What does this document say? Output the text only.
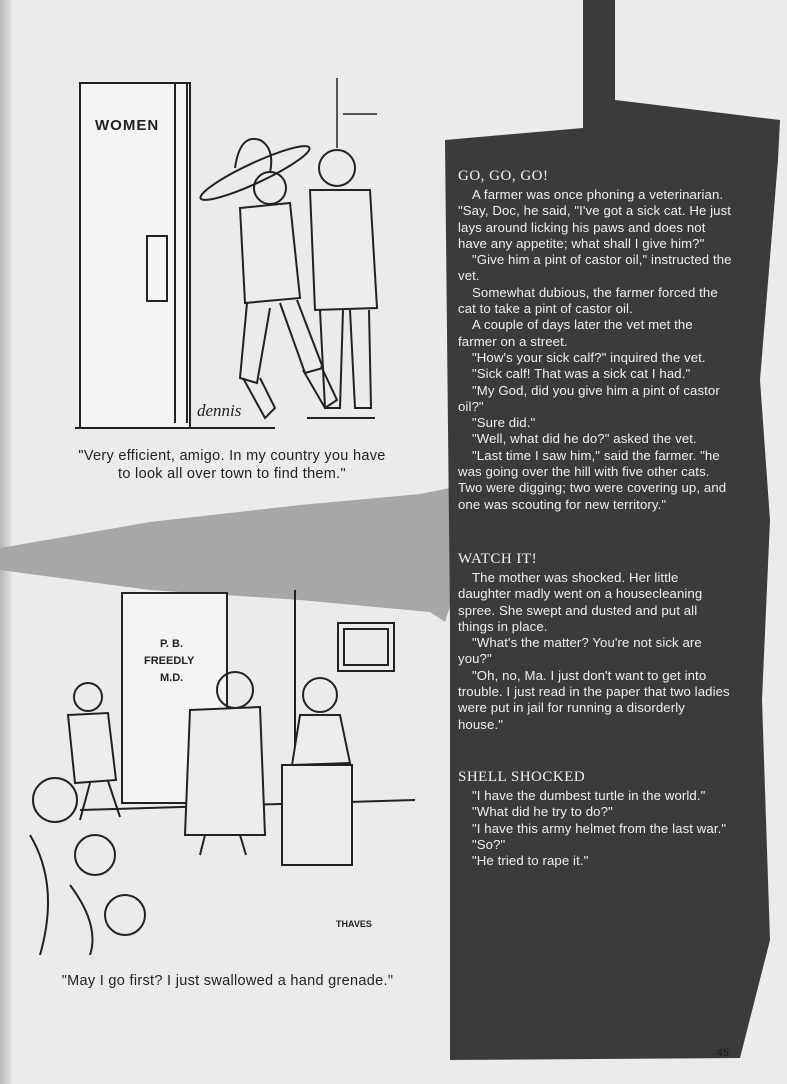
WOMEN
dennis
"Very efficient, amigo. In my country you have
to look all over town to find them."
P. B.
FREEDLY
M.D.
THAVES
"May I go first? I just swallowed a hand grenade."
GO, GO, GO!

A farmer was once phoning a veterinarian. "Say, Doc, he said, "I've got a sick cat. He just lays around licking his paws and does not have any appetite; what shall I give him?"

"Give him a pint of castor oil," instructed the vet.

Somewhat dubious, the farmer forced the cat to take a pint of castor oil.

A couple of days later the vet met the farmer on a street.

"How's your sick calf?" inquired the vet.

"Sick calf! That was a sick cat I had."

"My God, did you give him a pint of castor oil?"

"Sure did."

"Well, what did he do?" asked the vet.

"Last time I saw him," said the farmer. "he was going over the hill with five other cats. Two were digging; two were covering up, and one was scouting for new territory."

WATCH IT!

The mother was shocked. Her little daughter madly went on a housecleaning spree. She swept and dusted and put all things in place.

"What's the matter? You're not sick are you?"

"Oh, no, Ma. I just don't want to get into trouble. I just read in the paper that two ladies were put in jail for running a disorderly house."

SHELL SHOCKED

"I have the dumbest turtle in the world."

"What did he try to do?"

"I have this army helmet from the last war."

"So?"

"He tried to rape it."

45
